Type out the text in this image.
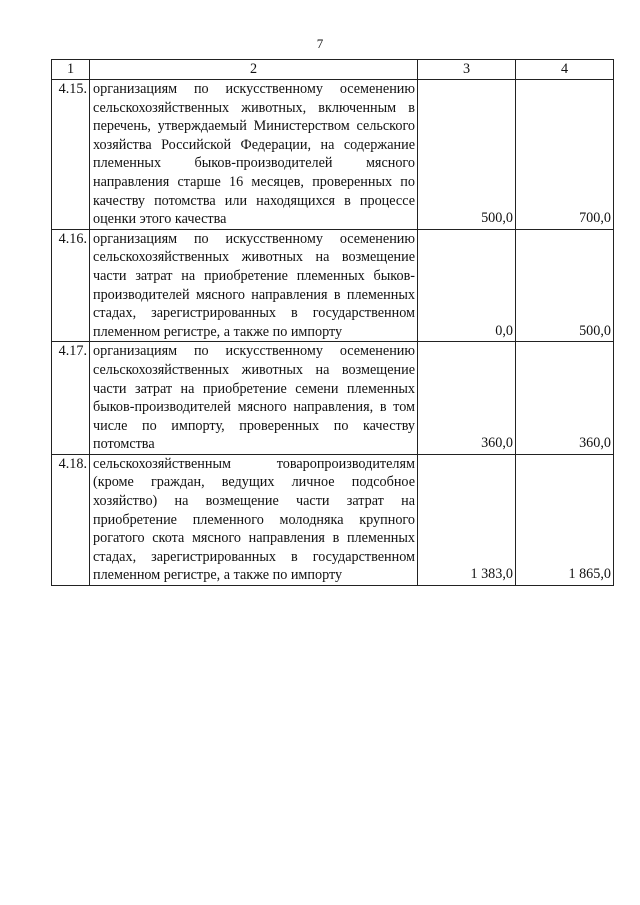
7
1	2	3	4
4.15.	организациям по искусственному осеменению сельскохозяйственных животных, включенным в перечень, утверждаемый Министерством сельского хозяйства Российской Федерации, на содержание племенных быков-производителей мясного направления старше 16 месяцев, проверенных по качеству потомства или находящихся в процессе оценки этого качества	500,0	700,0
4.16.	организациям по искусственному осеменению сельскохозяйственных животных на возмещение части затрат на приобретение племенных быков-производителей мясного направления в племенных стадах, зарегистрированных в государственном племенном регистре, а также по импорту	0,0	500,0
4.17.	организациям по искусственному осеменению сельскохозяйственных животных на возмещение части затрат на приобретение семени племенных быков-производителей мясного направления, в том числе по импорту, проверенных по качеству потомства	360,0	360,0
4.18.	сельскохозяйственным товаропроизводителям (кроме граждан, ведущих личное подсобное хозяйство) на возмещение части затрат на приобретение племенного молодняка крупного рогатого скота мясного направления в племенных стадах, зарегистрированных в государственном племенном регистре, а также по импорту	1 383,0	1 865,0
